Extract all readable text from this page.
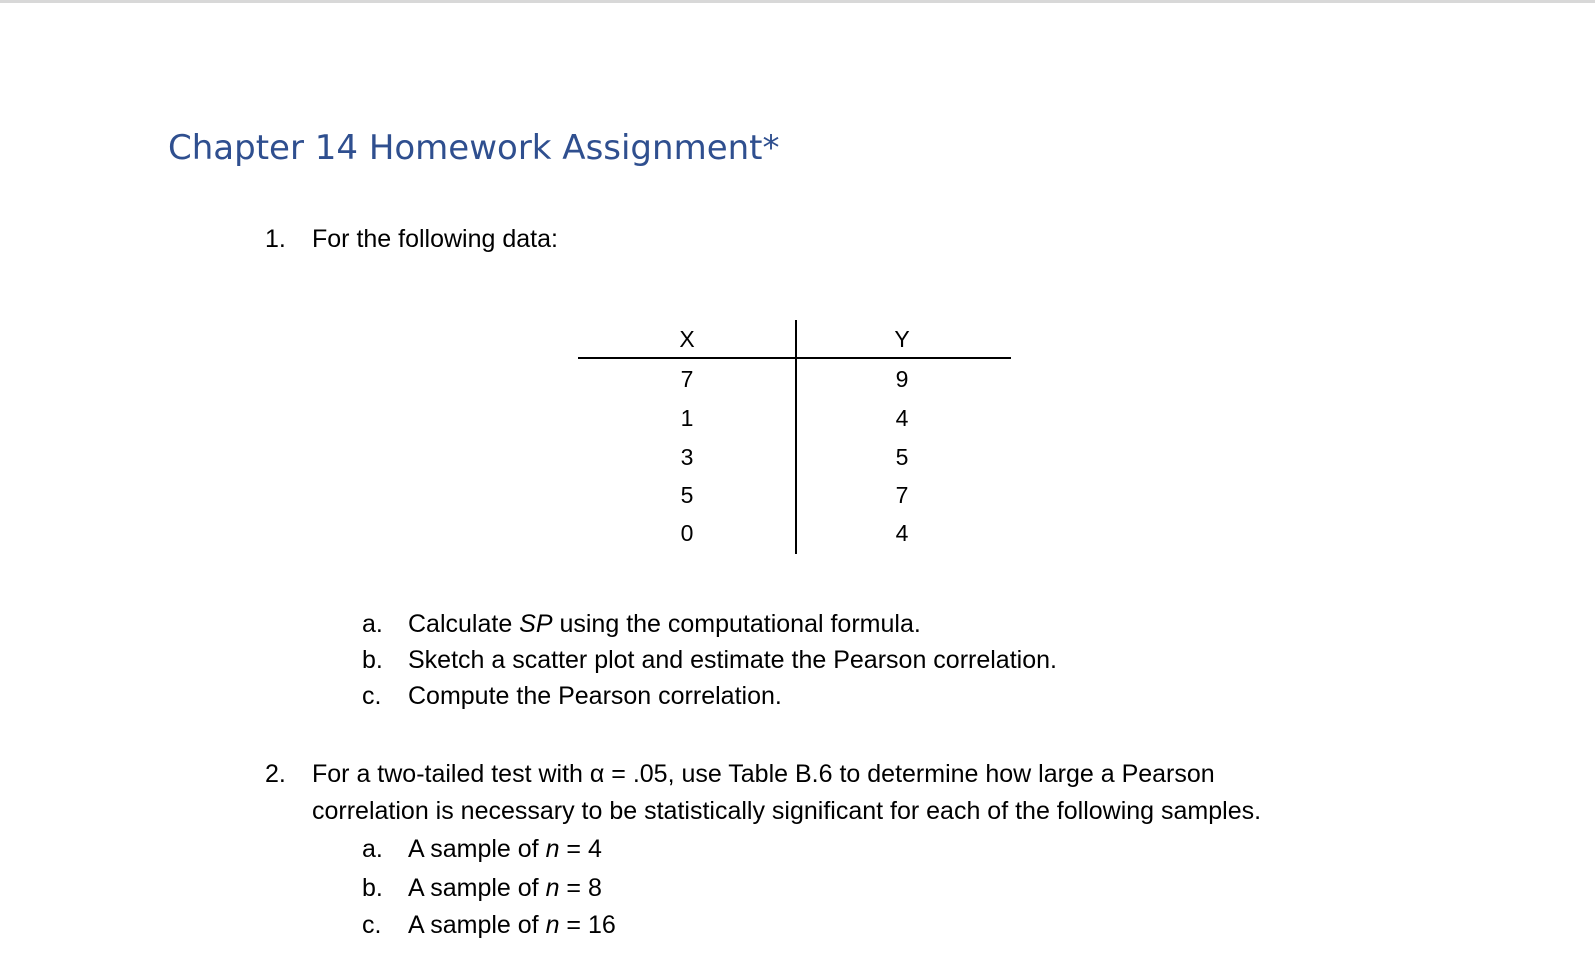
Chapter 14 Homework Assignment*
1. For the following data:
X	Y
7	9
1	4
3	5
5	7
0	4
a. Calculate SP using the computational formula.
b. Sketch a scatter plot and estimate the Pearson correlation.
c. Compute the Pearson correlation.
2. For a two-tailed test with α = .05, use Table B.6 to determine how large a Pearson
correlation is necessary to be statistically significant for each of the following samples.
a. A sample of n = 4
b. A sample of n = 8
c. A sample of n = 16
